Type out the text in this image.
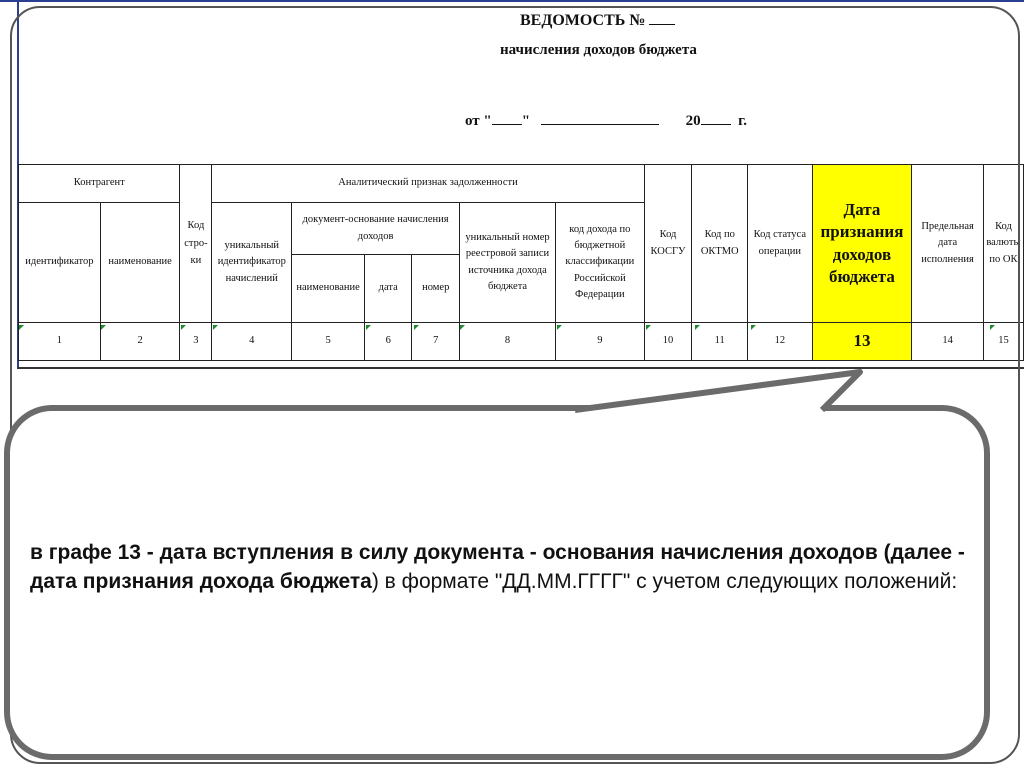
ВЕДОМОСТЬ №
начисления доходов бюджета
от " "	20	г.
Контрагент		Код стро-ки	Аналитический признак задолженности						Код КОСГУ	Код по ОКТМО	Код статуса операции	Дата признания доходов бюджета	Предельная дата исполнения	Код валюты по ОК
идентификатор	наименование		уникальный идентификатор начислений	документ-основание начисления доходов			уникальный номер реестровой записи источника дохода бюджета	код дохода по бюджетной классификации Российской Федерации						
				наименование	дата	номер								
1	2	3	4	5	6	7	8	9	10	11	12	13	14	15
в графе 13 - дата вступления в силу документа - основания начисления доходов (далее - дата признания дохода бюджета) в формате "ДД.ММ.ГГГГ" с учетом следующих положений:
